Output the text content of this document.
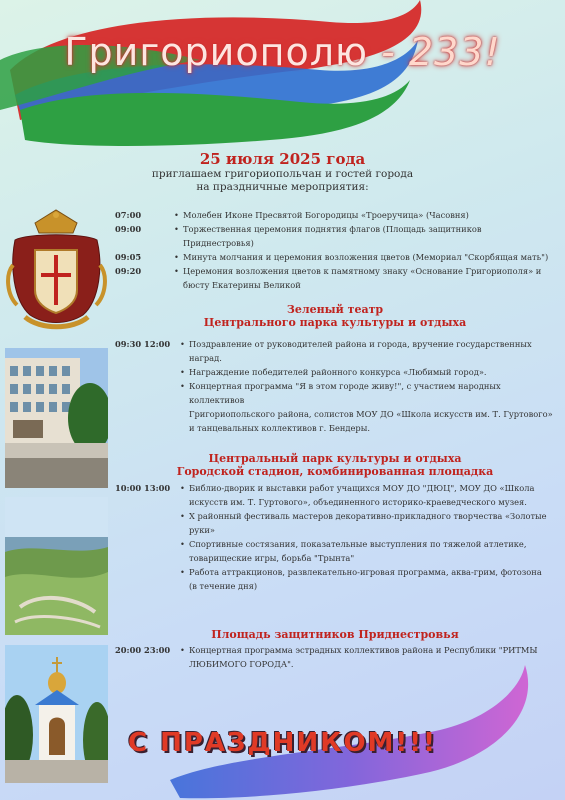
Григориополю - 233!
25 июля 2025 года
приглашаем григориопольчан и гостей города
на праздничные мероприятия:
07:00	• Молебен Иконе Пресвятой Богородицы «Троеручица» (Часовня)
09:00	• Торжественная церемония поднятия флагов (Площадь защитников Приднестровья)
09:05	• Минута молчания и церемония возложения цветов (Мемориал "Скорбящая мать")
09:20	• Церемония возложения цветов к памятному знаку «Основание Григориополя» и
бюсту Екатерины Великой
Зеленый театр
Центрального парка культуры и отдыха
09:30 12:00	• Поздравление от руководителей района и города, вручение государственных
наград.
• Награждение победителей районного конкурса «Любимый город».
• Концертная программа "Я в этом городе живу!", с участием народных коллективов
Григориопольского района, солистов МОУ ДО «Школа искусств им. Т. Гуртового»
и танцевальных коллективов г. Бендеры.
Центральный парк культуры и отдыха
Городской стадион, комбинированная площадка
10:00 13:00	• Библио-дворик и выставки работ учащихся МОУ ДО "ДЮЦ", МОУ ДО «Школа
искусств им. Т. Гуртового», объединенного историко-краеведческого музея.
• X районный фестиваль мастеров декоративно-прикладного творчества «Золотые
руки»
• Спортивные состязания, показательные выступления по тяжелой атлетике,
товарищеские игры, борьба "Трынта"
• Работа аттракционов, развлекательно-игровая программа, аква-грим, фотозона
(в течение дня)
Площадь защитников Приднестровья
20:00 23:00	• Концертная программа эстрадных коллективов района и Республики "РИТМЫ
ЛЮБИМОГО ГОРОДА".
С ПРАЗДНИКОМ!!!
